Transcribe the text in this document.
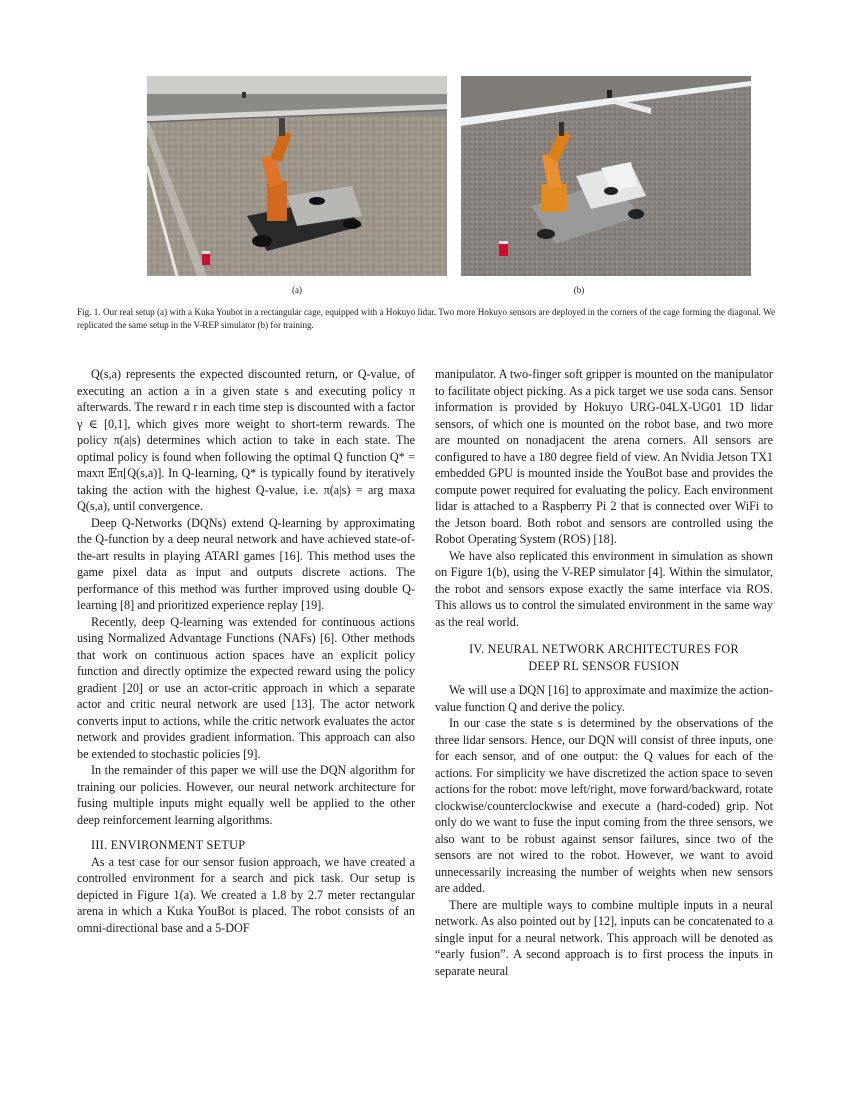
(a)	(b)
Fig. 1. Our real setup (a) with a Kuka Youbot in a rectangular cage, equipped with a Hokuyo lidar. Two more Hokuyo sensors are deployed in the corners of the cage forming the diagonal. We replicated the same setup in the V-REP simulator (b) for training.

Q(s,a) represents the expected discounted return, or Q-value, of executing an action a in a given state s and executing policy π afterwards. The reward r in each time step is discounted with a factor γ ∈ [0,1], which gives more weight to short-term rewards. The policy π(a|s) determines which action to take in each state. The optimal policy is found when following the optimal Q function Q* = maxπ 𝔼π[Q(s,a)]. In Q-learning, Q* is typically found by iteratively taking the action with the highest Q-value, i.e. π(a|s) = arg maxa Q(s,a), until convergence.

Deep Q-Networks (DQNs) extend Q-learning by approximating the Q-function by a deep neural network and have achieved state-of-the-art results in playing ATARI games [16]. This method uses the game pixel data as input and outputs discrete actions. The performance of this method was further improved using double Q-learning [8] and prioritized experience replay [19].

Recently, deep Q-learning was extended for continuous actions using Normalized Advantage Functions (NAFs) [6]. Other methods that work on continuous action spaces have an explicit policy function and directly optimize the expected reward using the policy gradient [20] or use an actor-critic approach in which a separate actor and critic neural network are used [13]. The actor network converts input to actions, while the critic network evaluates the actor network and provides gradient information. This approach can also be extended to stochastic policies [9].

In the remainder of this paper we will use the DQN algorithm for training our policies. However, our neural network architecture for fusing multiple inputs might equally well be applied to the other deep reinforcement learning algorithms.

III. ENVIRONMENT SETUP

As a test case for our sensor fusion approach, we have created a controlled environment for a search and pick task. Our setup is depicted in Figure 1(a). We created a 1.8 by 2.7 meter rectangular arena in which a Kuka YouBot is placed. The robot consists of an omni-directional base and a 5-DOF

manipulator. A two-finger soft gripper is mounted on the manipulator to facilitate object picking. As a pick target we use soda cans. Sensor information is provided by Hokuyo URG-04LX-UG01 1D lidar sensors, of which one is mounted on the robot base, and two more are mounted on nonadjacent the arena corners. All sensors are configured to have a 180 degree field of view. An Nvidia Jetson TX1 embedded GPU is mounted inside the YouBot base and provides the compute power required for evaluating the policy. Each environment lidar is attached to a Raspberry Pi 2 that is connected over WiFi to the Jetson board. Both robot and sensors are controlled using the Robot Operating System (ROS) [18].

We have also replicated this environment in simulation as shown on Figure 1(b), using the V-REP simulator [4]. Within the simulator, the robot and sensors expose exactly the same interface via ROS. This allows us to control the simulated environment in the same way as the real world.

IV. NEURAL NETWORK ARCHITECTURES FOR
DEEP RL SENSOR FUSION

We will use a DQN [16] to approximate and maximize the action-value function Q and derive the policy.

In our case the state s is determined by the observations of the three lidar sensors. Hence, our DQN will consist of three inputs, one for each sensor, and of one output: the Q values for each of the actions. For simplicity we have discretized the action space to seven actions for the robot: move left/right, move forward/backward, rotate clockwise/counterclockwise and execute a (hard-coded) grip. Not only do we want to fuse the input coming from the three sensors, we also want to be robust against sensor failures, since two of the sensors are not wired to the robot. However, we want to avoid unnecessarily increasing the number of weights when new sensors are added.

There are multiple ways to combine multiple inputs in a neural network. As also pointed out by [12], inputs can be concatenated to a single input for a neural network. This approach will be denoted as “early fusion”. A second approach is to first process the inputs in separate neural
